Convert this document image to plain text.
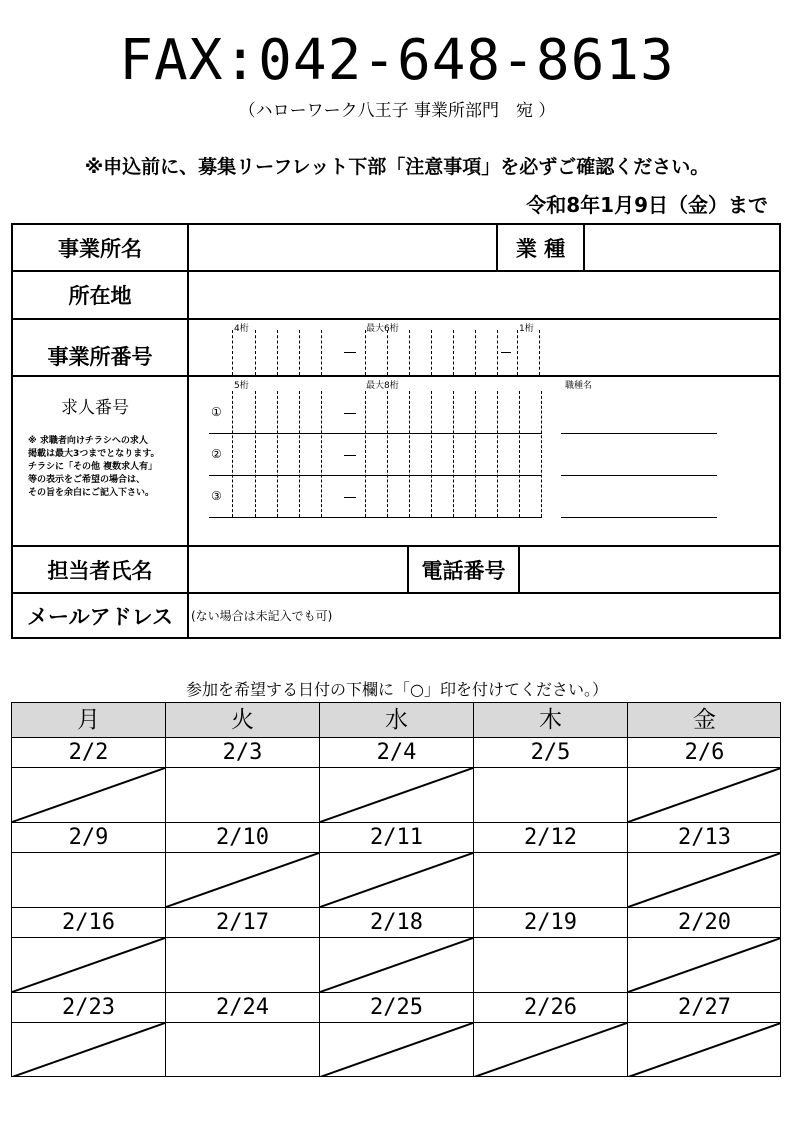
FAX:042-648-8613
（ハローワーク八王子 事業所部門　宛 ）
※申込前に、募集リーフレット下部「注意事項」を必ずご確認ください。
令和8年1月9日（金）まで
事業所名	業 種
所在地
事業所番号
4桁	最大6桁	1桁
求人番号
※ 求職者向けチラシへの求人
掲載は最大3つまでとなります。
チラシに「その他 複数求人有」
等の表示をご希望の場合は、
その旨を余白にご記入下さい。
5桁	最大8桁	職種名
①
②
③
担当者氏名	電話番号
メールアドレス	(ない場合は未記入でも可)
参加を希望する日付の下欄に「○」印を付けてください。）
月	火	水	木	金
2/2	2/3	2/4	2/5	2/6
2/9	2/10	2/11	2/12	2/13
2/16	2/17	2/18	2/19	2/20
2/23	2/24	2/25	2/26	2/27
